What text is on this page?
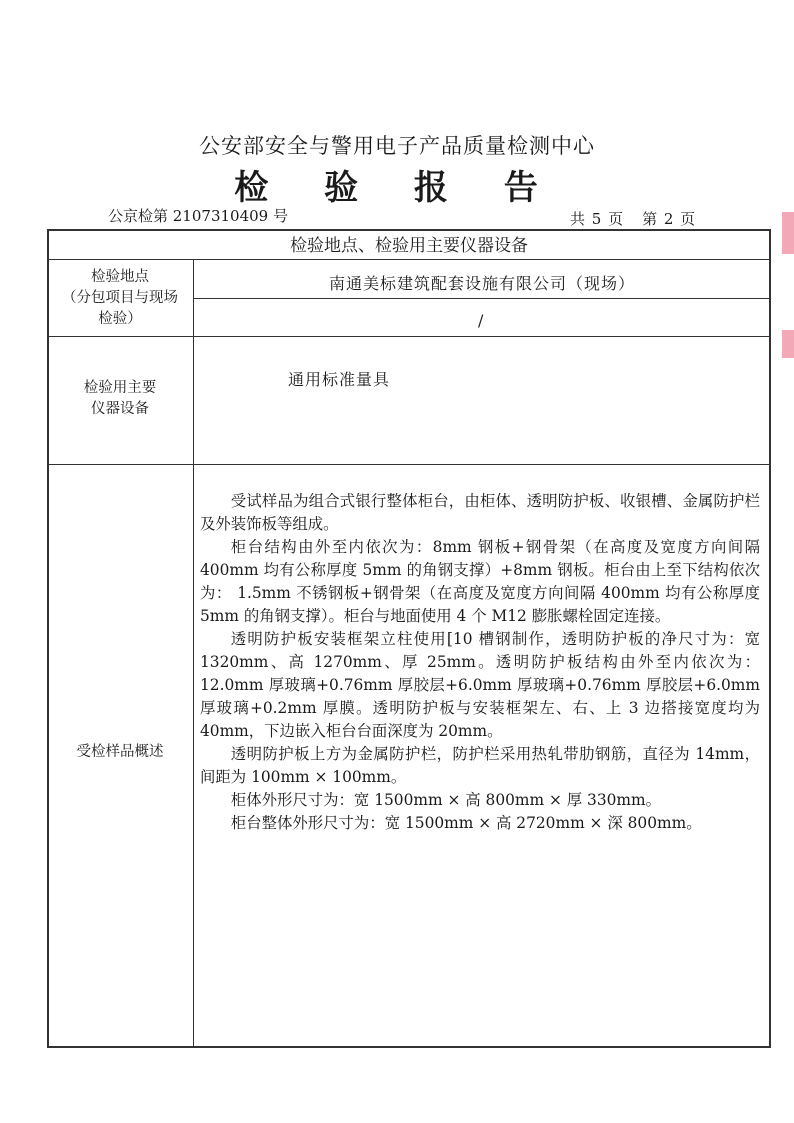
公安部安全与警用电子产品质量检测中心
检 验 报 告
公京检第 2107310409 号	共 5 页 第 2 页
检验地点、检验用主要仪器设备
检验地点
（分包项目与现场
检验）
南通美标建筑配套设施有限公司（现场）
/
检验用主要
仪器设备
通用标准量具
受检样品概述

受试样品为组合式银行整体柜台，由柜体、透明防护板、收银槽、金属防护栏及外装饰板等组成。

柜台结构由外至内依次为：8mm 钢板+钢骨架（在高度及宽度方向间隔 400mm 均有公称厚度 5mm 的角钢支撑）+8mm 钢板。柜台由上至下结构依次为： 1.5mm 不锈钢板+钢骨架（在高度及宽度方向间隔 400mm 均有公称厚度 5mm 的角钢支撑）。柜台与地面使用 4 个 M12 膨胀螺栓固定连接。

透明防护板安装框架立柱使用[10 槽钢制作，透明防护板的净尺寸为：宽 1320mm、高 1270mm、厚 25mm。透明防护板结构由外至内依次为： 12.0mm 厚玻璃+0.76mm 厚胶层+6.0mm 厚玻璃+0.76mm 厚胶层+6.0mm 厚玻璃+0.2mm 厚膜。透明防护板与安装框架左、右、上 3 边搭接宽度均为 40mm，下边嵌入柜台台面深度为 20mm。

透明防护板上方为金属防护栏，防护栏采用热轧带肋钢筋，直径为 14mm，间距为 100mm × 100mm。

柜体外形尺寸为：宽 1500mm × 高 800mm × 厚 330mm。

柜台整体外形尺寸为：宽 1500mm × 高 2720mm × 深 800mm。
